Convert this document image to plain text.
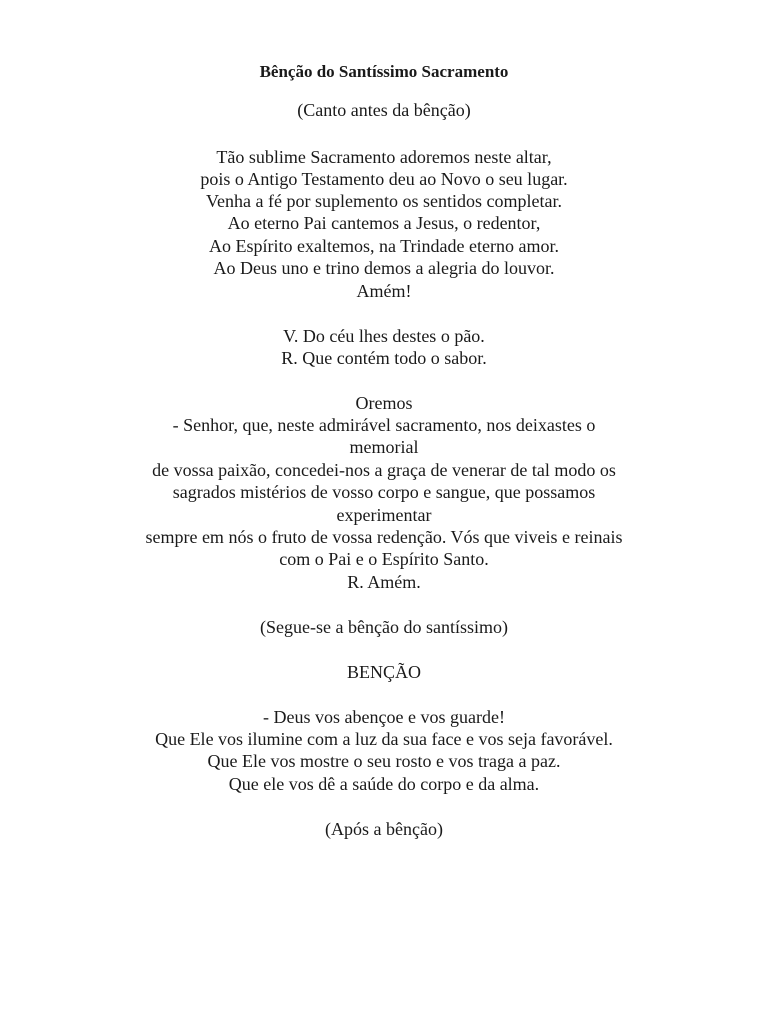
Bênção do Santíssimo Sacramento
(Canto antes da bênção)
Tão sublime Sacramento adoremos neste altar,
pois o Antigo Testamento deu ao Novo o seu lugar.
Venha a fé por suplemento os sentidos completar.
Ao eterno Pai cantemos a Jesus, o redentor,
Ao Espírito exaltemos, na Trindade eterno amor.
Ao Deus uno e trino demos a alegria do louvor.
Amém!
V. Do céu lhes destes o pão.
R. Que contém todo o sabor.
Oremos
- Senhor, que, neste admirável sacramento, nos deixastes o
memorial
de vossa paixão, concedei-nos a graça de venerar de tal modo os
sagrados mistérios de vosso corpo e sangue, que possamos
experimentar
sempre em nós o fruto de vossa redenção. Vós que viveis e reinais
com o Pai e o Espírito Santo.
R. Amém.
(Segue-se a bênção do santíssimo)
BENÇÃO
- Deus vos abençoe e vos guarde!
Que Ele vos ilumine com a luz da sua face e vos seja favorável.
Que Ele vos mostre o seu rosto e vos traga a paz.
Que ele vos dê a saúde do corpo e da alma.
(Após a bênção)
